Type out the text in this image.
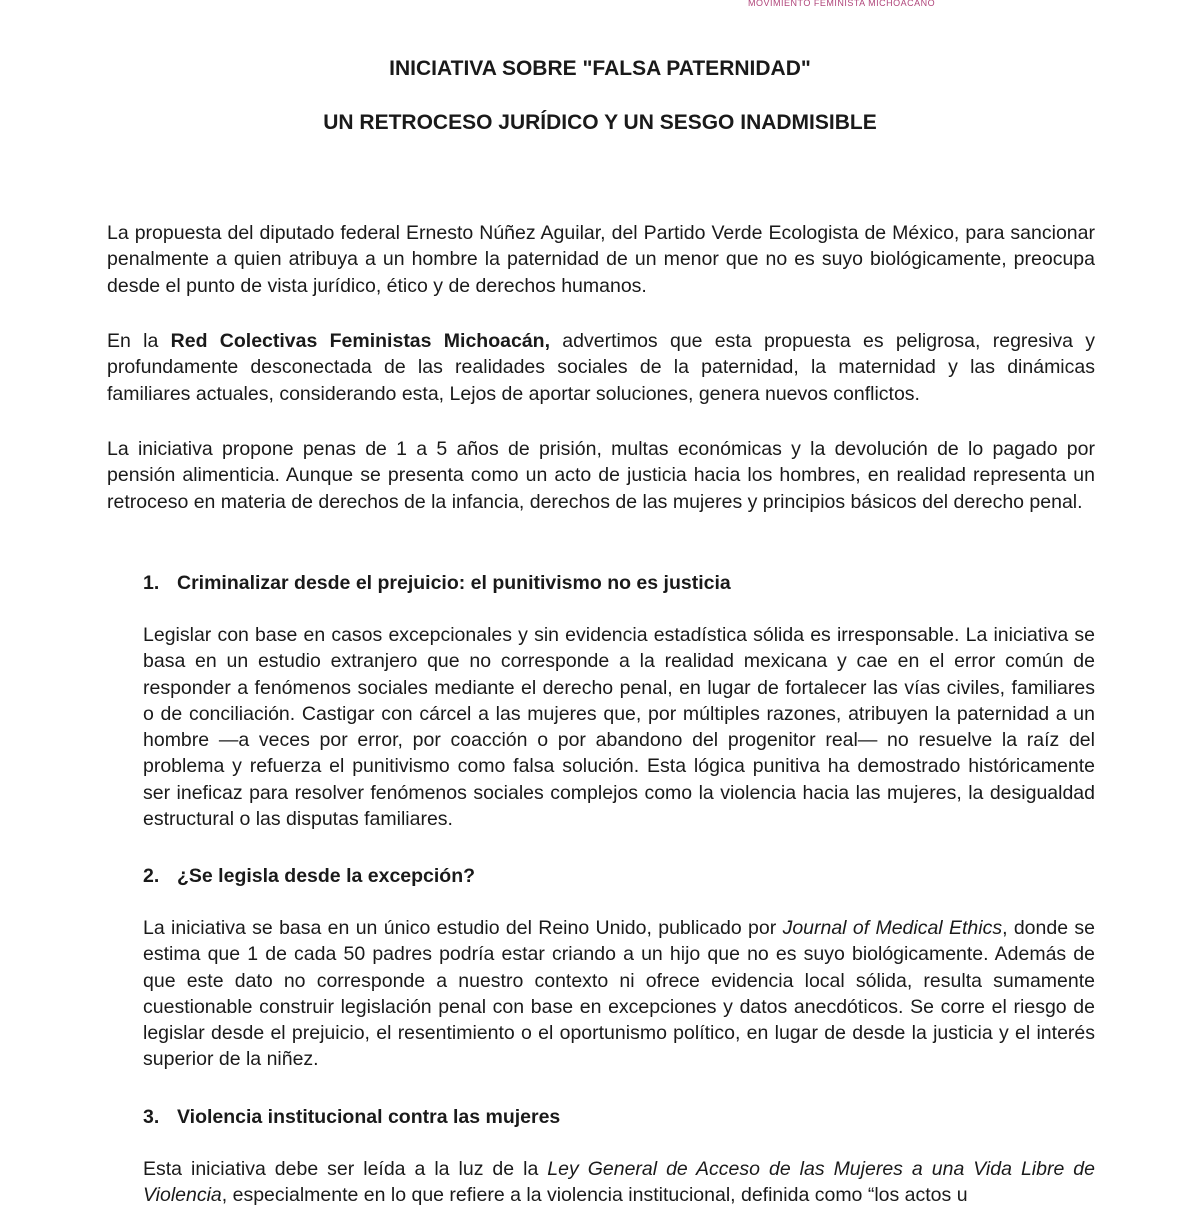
MOVIMIENTO FEMINISTA MICHOACANO
INICIATIVA SOBRE "FALSA PATERNIDAD"
UN RETROCESO JURÍDICO Y UN SESGO INADMISIBLE

La propuesta del diputado federal Ernesto Núñez Aguilar, del Partido Verde Ecologista de México, para sancionar penalmente a quien atribuya a un hombre la paternidad de un menor que no es suyo biológicamente, preocupa desde el punto de vista jurídico, ético y de derechos humanos.

En la Red Colectivas Feministas Michoacán, advertimos que esta propuesta es peligrosa, regresiva y profundamente desconectada de las realidades sociales de la paternidad, la maternidad y las dinámicas familiares actuales, considerando esta, Lejos de aportar soluciones, genera nuevos conflictos.

La iniciativa propone penas de 1 a 5 años de prisión, multas económicas y la devolución de lo pagado por pensión alimenticia. Aunque se presenta como un acto de justicia hacia los hombres, en realidad representa un retroceso en materia de derechos de la infancia, derechos de las mujeres y principios básicos del derecho penal.

1. Criminalizar desde el prejuicio: el punitivismo no es justicia

Legislar con base en casos excepcionales y sin evidencia estadística sólida es irresponsable. La iniciativa se basa en un estudio extranjero que no corresponde a la realidad mexicana y cae en el error común de responder a fenómenos sociales mediante el derecho penal, en lugar de fortalecer las vías civiles, familiares o de conciliación. Castigar con cárcel a las mujeres que, por múltiples razones, atribuyen la paternidad a un hombre —a veces por error, por coacción o por abandono del progenitor real— no resuelve la raíz del problema y refuerza el punitivismo como falsa solución. Esta lógica punitiva ha demostrado históricamente ser ineficaz para resolver fenómenos sociales complejos como la violencia hacia las mujeres, la desigualdad estructural o las disputas familiares.

2. ¿Se legisla desde la excepción?

La iniciativa se basa en un único estudio del Reino Unido, publicado por Journal of Medical Ethics, donde se estima que 1 de cada 50 padres podría estar criando a un hijo que no es suyo biológicamente. Además de que este dato no corresponde a nuestro contexto ni ofrece evidencia local sólida, resulta sumamente cuestionable construir legislación penal con base en excepciones y datos anecdóticos. Se corre el riesgo de legislar desde el prejuicio, el resentimiento o el oportunismo político, en lugar de desde la justicia y el interés superior de la niñez.

3. Violencia institucional contra las mujeres

Esta iniciativa debe ser leída a la luz de la Ley General de Acceso de las Mujeres a una Vida Libre de Violencia, especialmente en lo que refiere a la violencia institucional, definida como “los actos u
